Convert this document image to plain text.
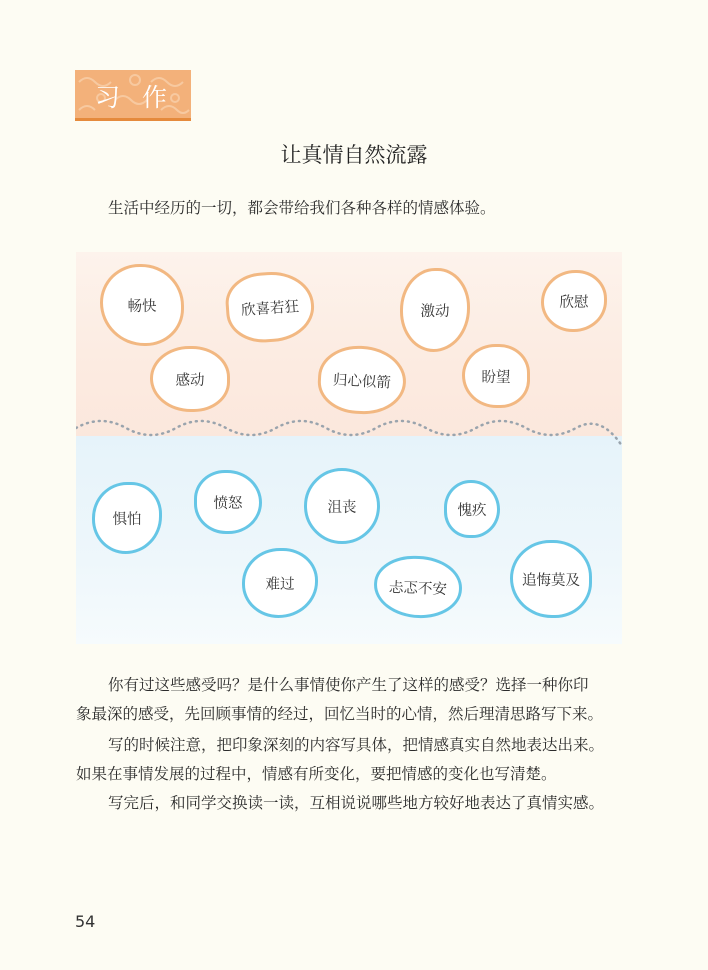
习作
让真情自然流露
生活中经历的一切，都会带给我们各种各样的情感体验。
畅快	欣喜若狂	激动
欣慰
感动	归心似箭	盼望
惧怕
愤怒	沮丧	愧疚
难过	忐忑不安	追悔莫及
你有过这些感受吗？是什么事情使你产生了这样的感受？选择一种你印
象最深的感受，先回顾事情的经过，回忆当时的心情，然后理清思路写下来。
写的时候注意，把印象深刻的内容写具体，把情感真实自然地表达出来。
如果在事情发展的过程中，情感有所变化，要把情感的变化也写清楚。
写完后，和同学交换读一读，互相说说哪些地方较好地表达了真情实感。
54
